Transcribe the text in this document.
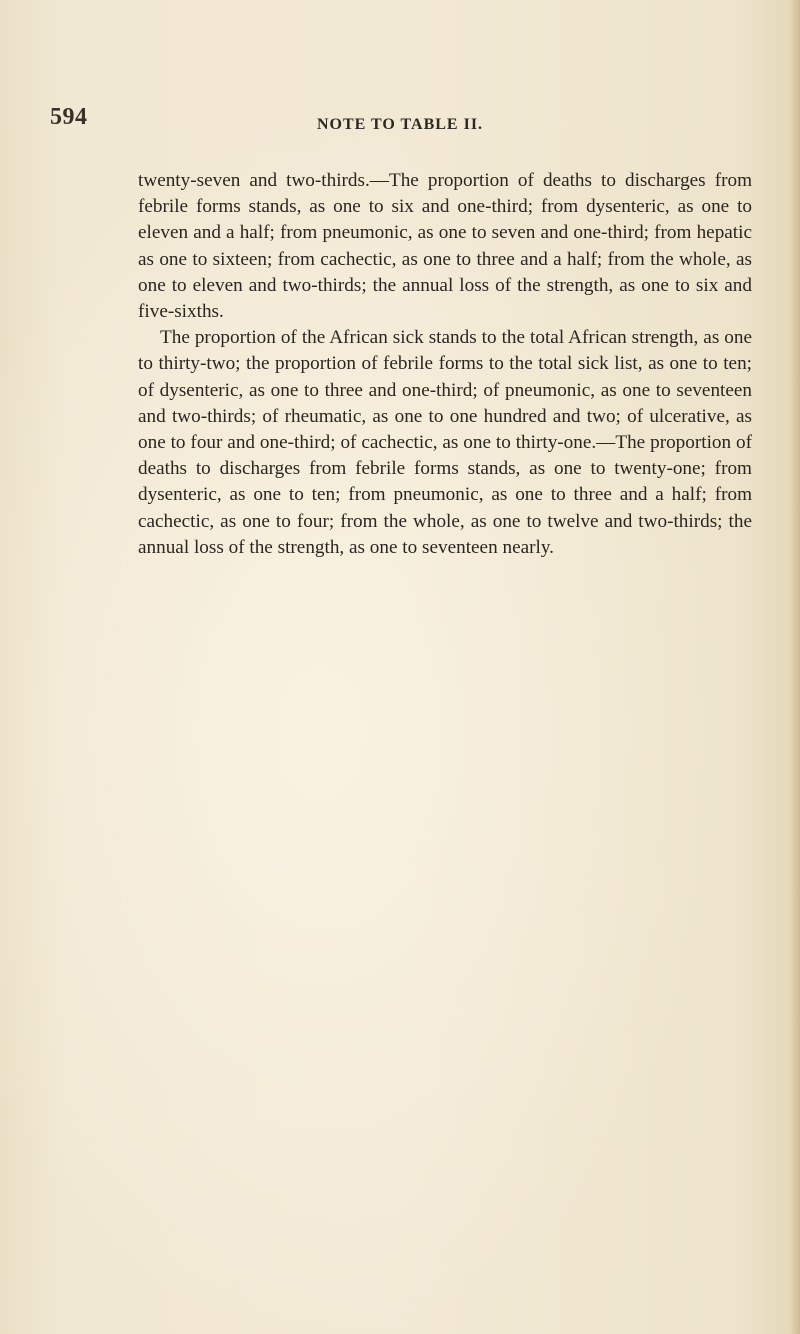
594	NOTE TO TABLE II.

twenty-seven and two-thirds.—The proportion of deaths to discharges from febrile forms stands, as one to six and one-third; from dysenteric, as one to eleven and a half; from pneumonic, as one to seven and one-third; from hepatic as one to sixteen; from cachectic, as one to three and a half; from the whole, as one to eleven and two-thirds; the annual loss of the strength, as one to six and five-sixths.

The proportion of the African sick stands to the total African strength, as one to thirty-two; the proportion of febrile forms to the total sick list, as one to ten; of dysenteric, as one to three and one-third; of pneumonic, as one to seventeen and two-thirds; of rheumatic, as one to one hundred and two; of ulcerative, as one to four and one-third; of cachectic, as one to thirty-one.—The proportion of deaths to discharges from febrile forms stands, as one to twenty-one; from dysenteric, as one to ten; from pneumonic, as one to three and a half; from cachectic, as one to four; from the whole, as one to twelve and two-thirds; the annual loss of the strength, as one to seventeen nearly.
